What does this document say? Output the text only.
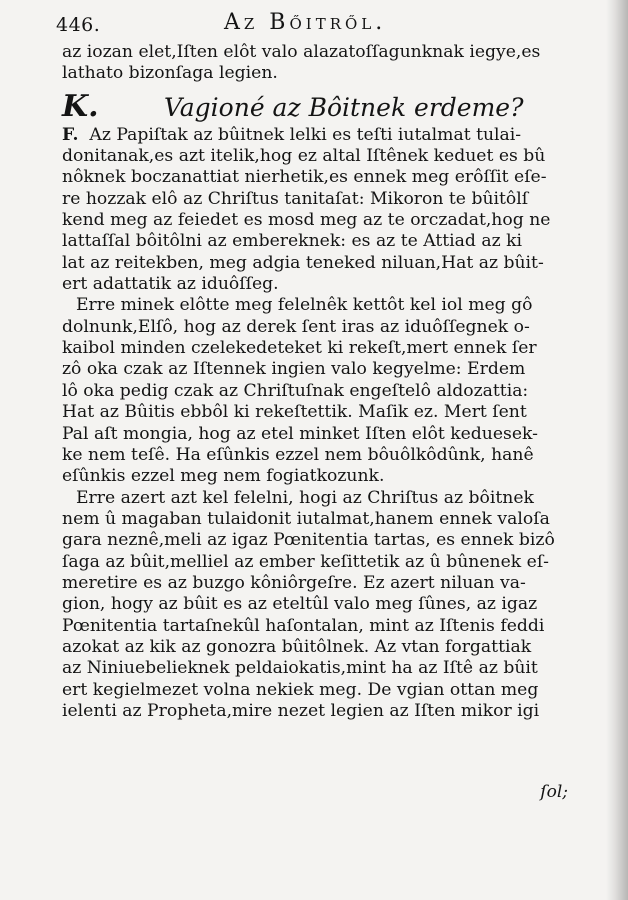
446.	Az Bőitről.
az iozan elet,Iſten elôt valo alazatoſſagunknak iegye,es
lathato bizonſaga legien.
K.	Vagioné az Bôitnek erdeme?
F. Az Papiſtak az bûitnek lelki es teſti iutalmat tulai-
donitanak,es azt itelik,hog ez altal Iſtênek keduet es bû
nôknek boczanattiat nierhetik,es ennek meg erôſſit eſe-
re hozzak elô az Chriſtus tanitaſat: Mikoron te bûitôlſ
kend meg az feiedet es mosd meg az te orczadat,hog ne
lattaſſal bôitôlni az embereknek: es az te Attiad az ki
lat az reitekben, meg adgia teneked niluan,Hat az bûit-
ert adattatik az iduôſſeg.
Erre minek elôtte meg felelnêk kettôt kel iol meg gô
dolnunk,Elſô, hog az derek ſent iras az iduôſſegnek o-
kaibol minden czelekedeteket ki rekeſt,mert ennek ſer
zô oka czak az Iſtennek ingien valo kegyelme: Erdem
lô oka pedig czak az Chriſtuſnak engeſtelô aldozattia:
Hat az Bûitis ebbôl ki rekeſtettik. Maſik ez. Mert ſent
Pal aſt mongia, hog az etel minket Iſten elôt keduesek-
ke nem teſê. Ha eſûnkis ezzel nem bôuôlkôdûnk, hanê
eſûnkis ezzel meg nem fogiatkozunk.
Erre azert azt kel felelni, hogi az Chriſtus az bôitnek
nem û magaban tulaidonit iutalmat,hanem ennek valoſa
gara neznê,meli az igaz Pœnitentia tartas, es ennek bizô
ſaga az bûit,melliel az ember keſittetik az û bûnenek eſ-
meretire es az buzgo kôniôrgeſre. Ez azert niluan va-
gion, hogy az bûit es az eteltûl valo meg ſûnes, az igaz
Pœnitentia tartaſnekûl haſontalan, mint az Iſtenis feddi
azokat az kik az gonozra bûitôlnek. Az vtan forgattiak
az Niniuebelieknek peldaiokatis,mint ha az Iſtê az bûit
ert kegielmezet volna nekiek meg. De vgian ottan meg
ielenti az Propheta,mire nezet legien az Iſten mikor igi
ſol;
